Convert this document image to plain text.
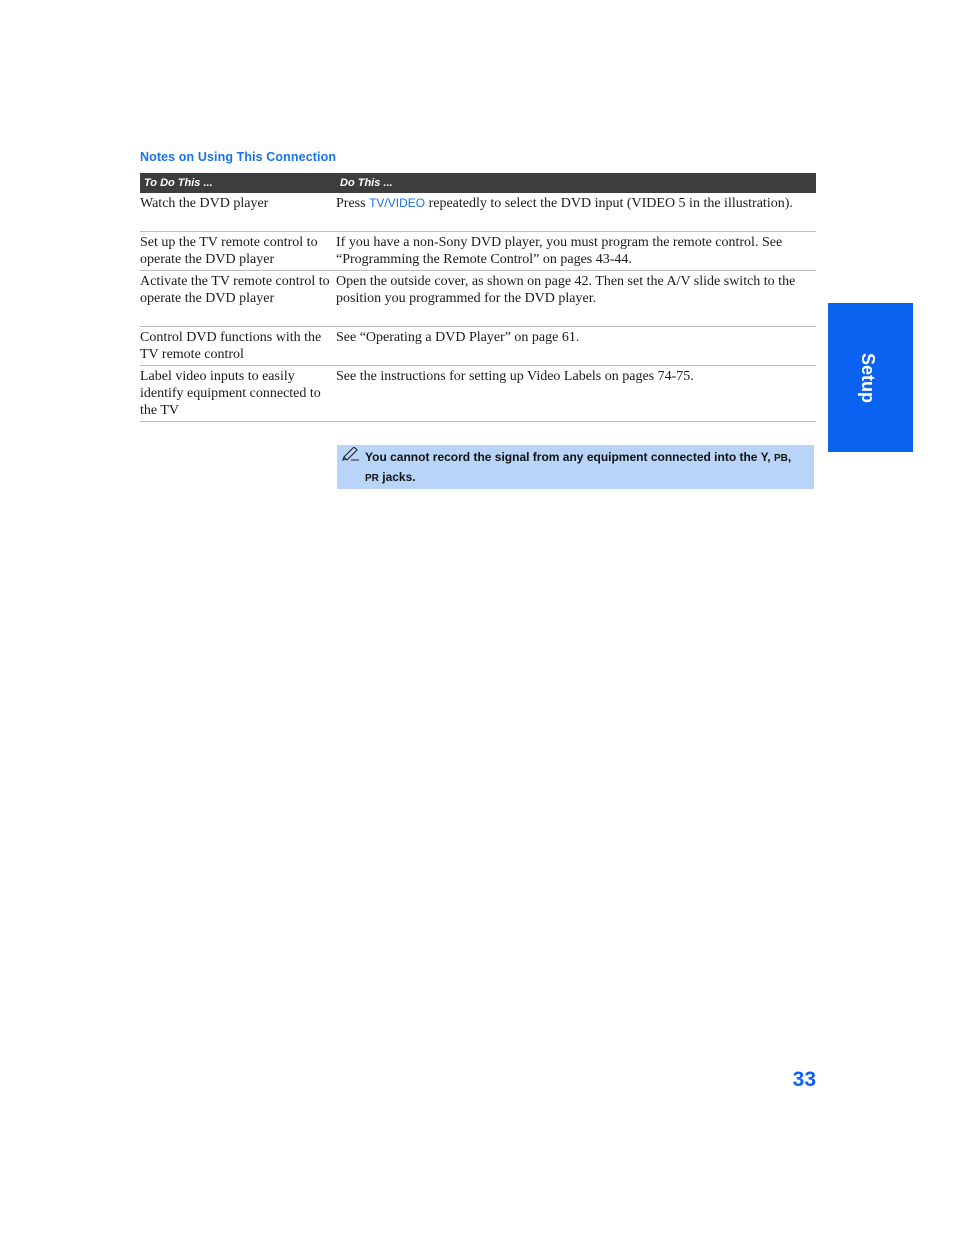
Notes on Using This Connection
To Do This ...	Do This ...
Watch the DVD player	Press TV/VIDEO repeatedly to select the DVD input (VIDEO 5 in the illustration).
Set up the TV remote control to operate the DVD player
If you have a non-Sony DVD player, you must program the remote control. See “Programming the Remote Control” on pages 43-44.
Activate the TV remote control to operate the DVD player
Open the outside cover, as shown on page 42. Then set the A/V slide switch to the position you programmed for the DVD player.
Control DVD functions with the TV remote control
See “Operating a DVD Player” on page 61.
Label video inputs to easily identify equipment connected to the TV
See the instructions for setting up Video Labels on pages 74-75.
You cannot record the signal from any equipment connected into the Y, PB, PR jacks.
Setup
33
